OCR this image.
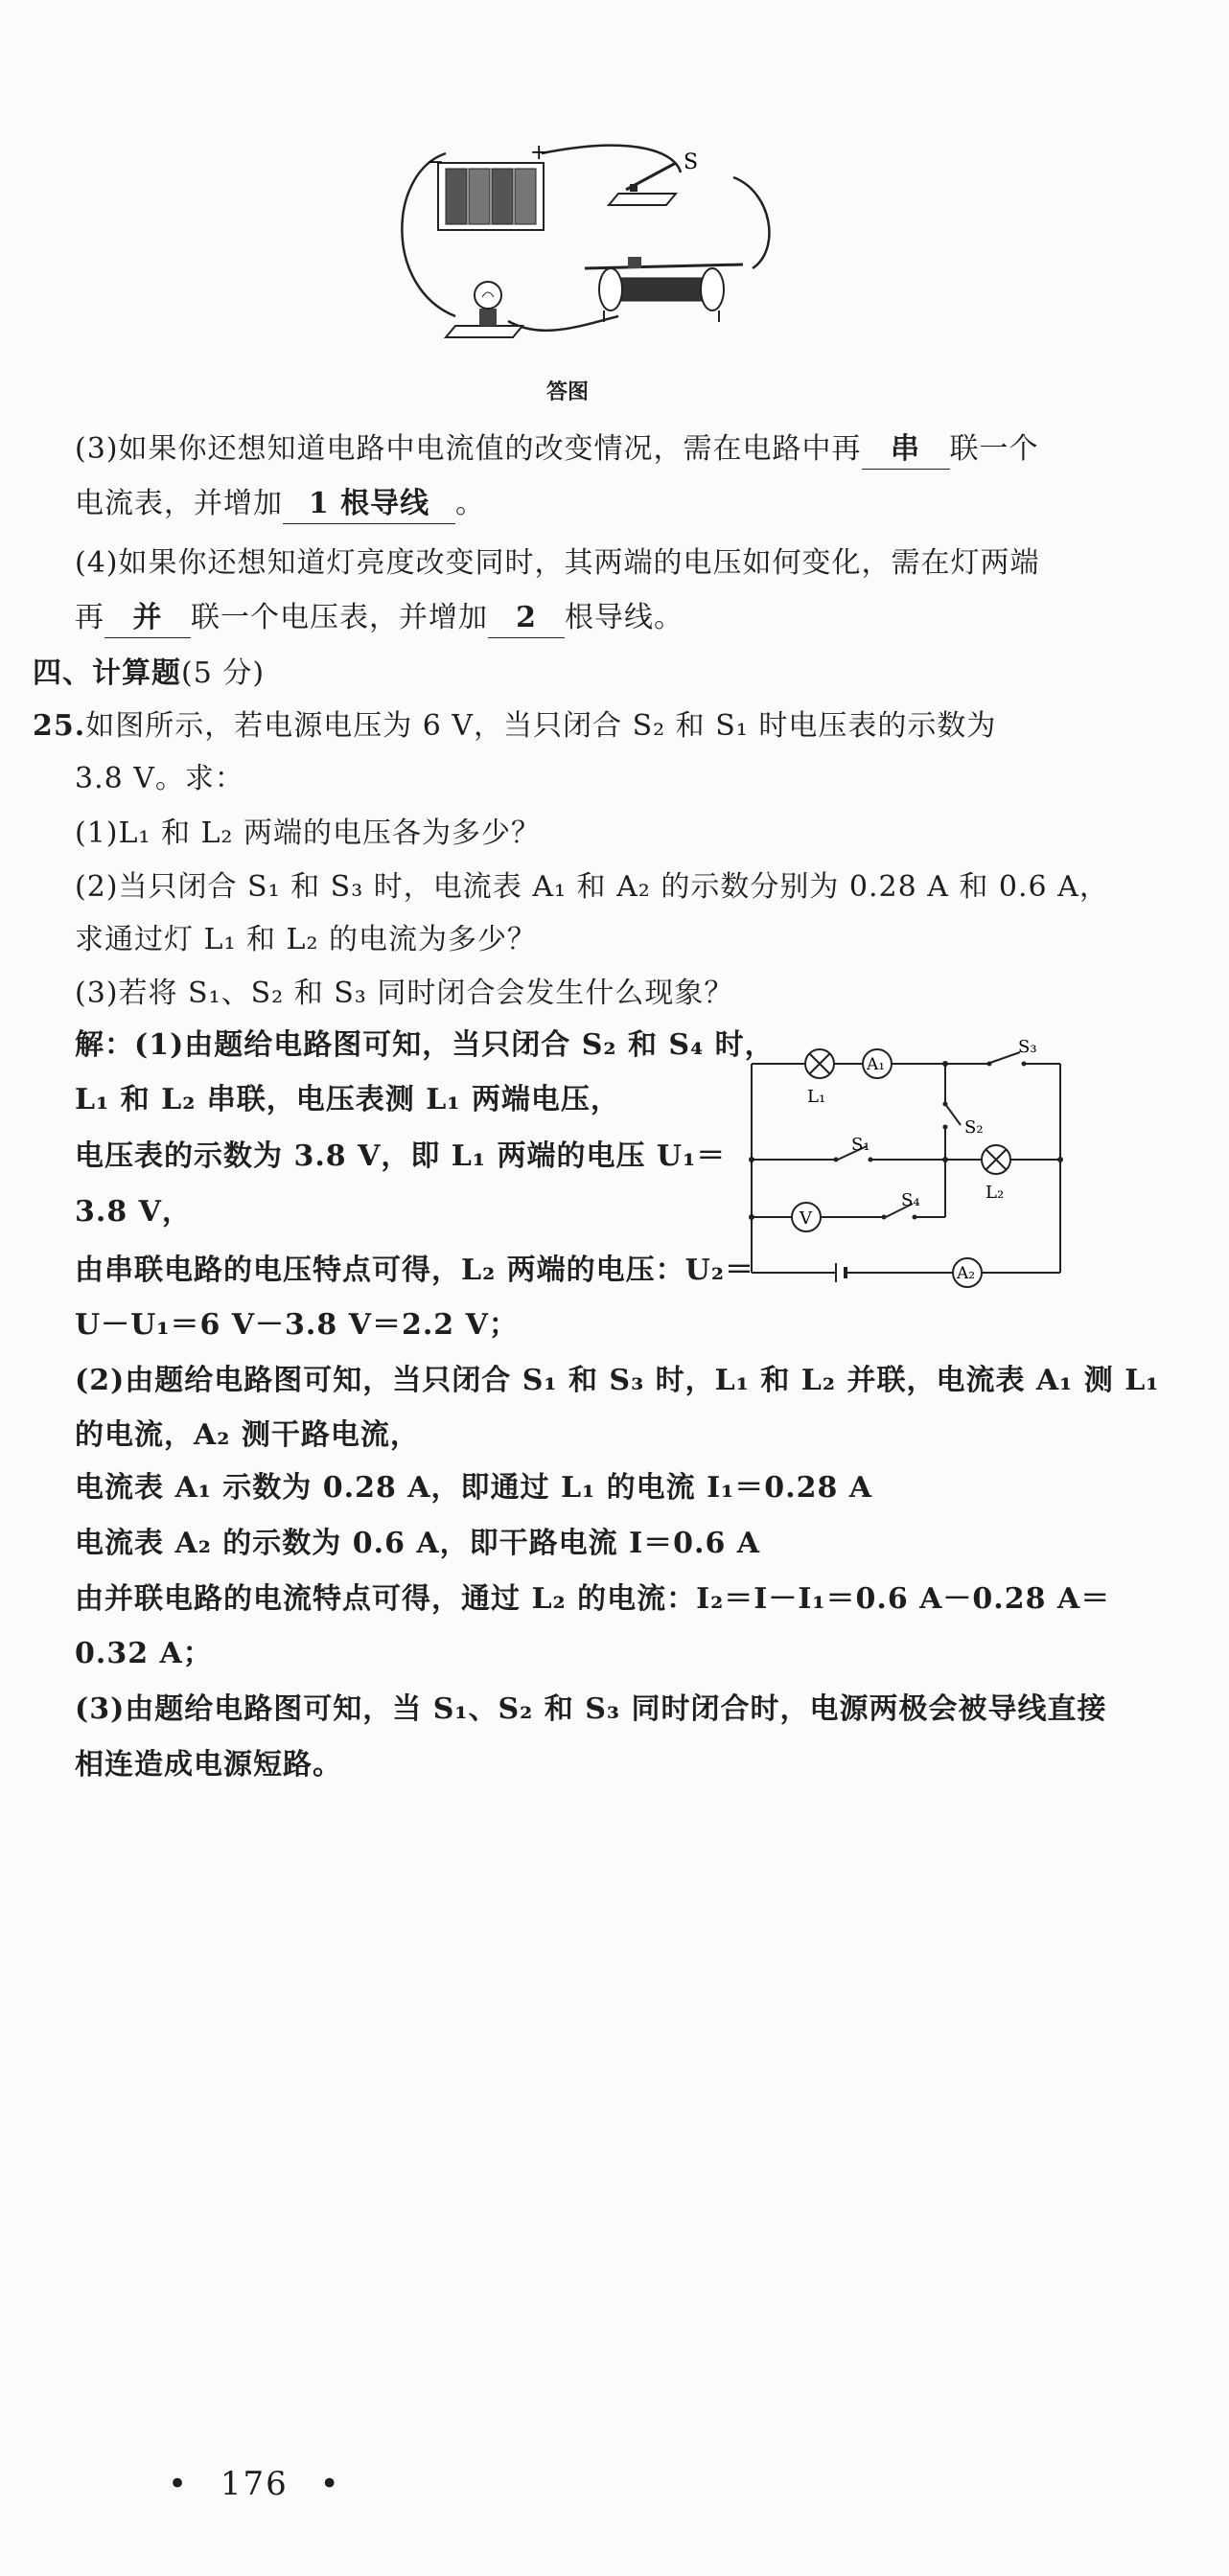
−	+	S
答图
(3)如果你还想知道电路中电流值的改变情况，需在电路中再 串 联一个
电流表，并增加 1 根导线 。
(4)如果你还想知道灯亮度改变同时，其两端的电压如何变化，需在灯两端
再 并 联一个电压表，并增加 2 根导线。
四、计算题(5 分)
25.如图所示，若电源电压为 6 V，当只闭合 S₂ 和 S₁ 时电压表的示数为
3.8 V。求：
(1)L₁ 和 L₂ 两端的电压各为多少？
(2)当只闭合 S₁ 和 S₃ 时，电流表 A₁ 和 A₂ 的示数分别为 0.28 A 和 0.6 A，
求通过灯 L₁ 和 L₂ 的电流为多少？
(3)若将 S₁、S₂ 和 S₃ 同时闭合会发生什么现象？
L₁
A₁
L₂
V
A₂
S₃
S₂
S₁
S₄
解：(1)由题给电路图可知，当只闭合 S₂ 和 S₄ 时，
L₁ 和 L₂ 串联，电压表测 L₁ 两端电压，
电压表的示数为 3.8 V，即 L₁ 两端的电压 U₁＝
3.8 V，
由串联电路的电压特点可得，L₂ 两端的电压：U₂＝
U－U₁＝6 V－3.8 V＝2.2 V；
(2)由题给电路图可知，当只闭合 S₁ 和 S₃ 时，L₁ 和 L₂ 并联，电流表 A₁ 测 L₁
的电流，A₂ 测干路电流，
电流表 A₁ 示数为 0.28 A，即通过 L₁ 的电流 I₁＝0.28 A
电流表 A₂ 的示数为 0.6 A，即干路电流 I＝0.6 A
由并联电路的电流特点可得，通过 L₂ 的电流：I₂＝I－I₁＝0.6 A－0.28 A＝
0.32 A；
(3)由题给电路图可知，当 S₁、S₂ 和 S₃ 同时闭合时，电源两极会被导线直接
相连造成电源短路。
• 176 •
